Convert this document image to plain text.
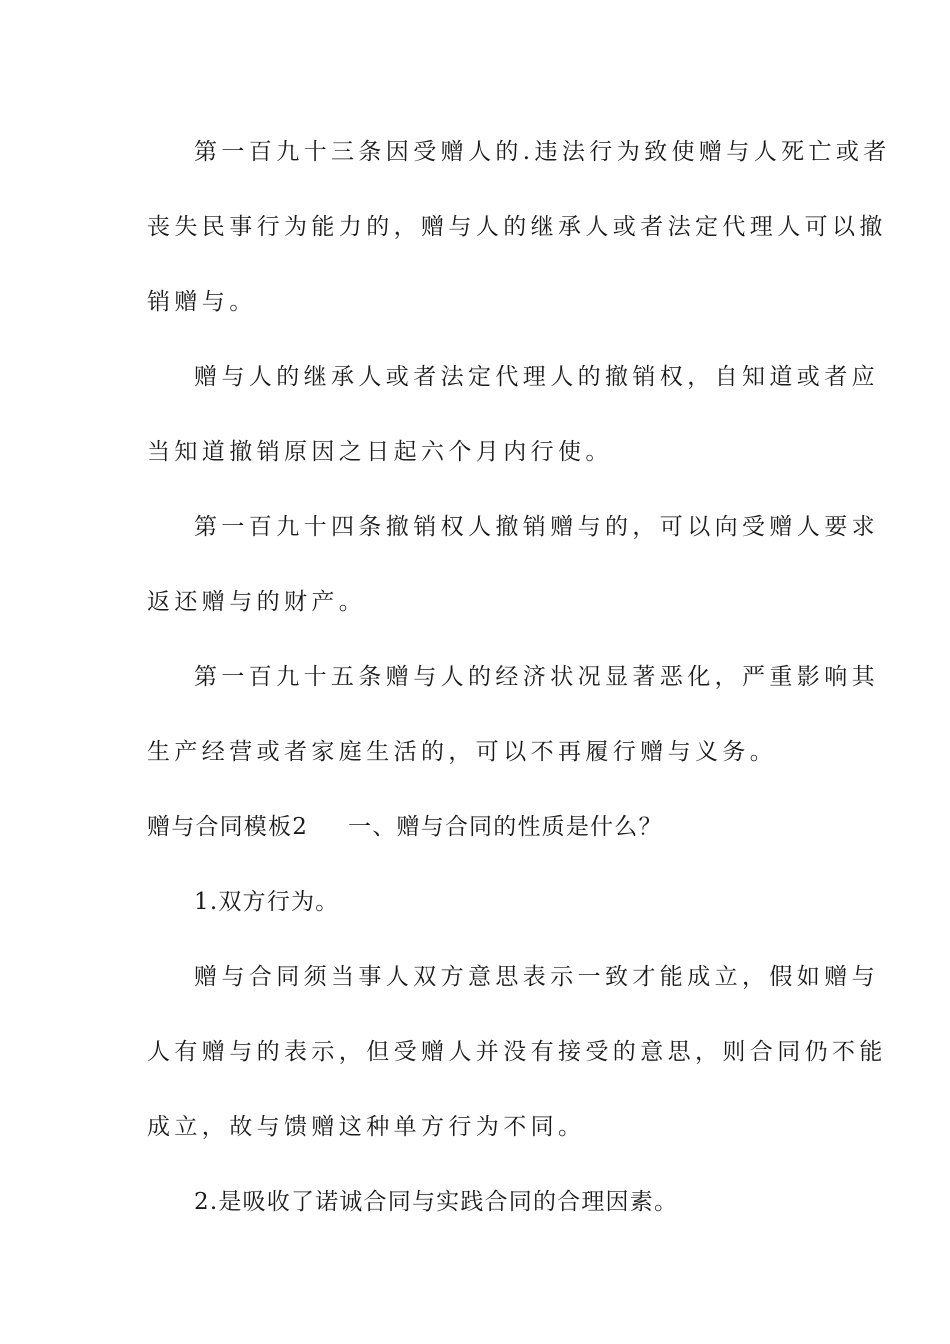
第一百九十三条因受赠人的.违法行为致使赠与人死亡或者
丧失民事行为能力的，赠与人的继承人或者法定代理人可以撤
销赠与。
赠与人的继承人或者法定代理人的撤销权，自知道或者应
当知道撤销原因之日起六个月内行使。
第一百九十四条撤销权人撤销赠与的，可以向受赠人要求
返还赠与的财产。
第一百九十五条赠与人的经济状况显著恶化，严重影响其
生产经营或者家庭生活的，可以不再履行赠与义务。
赠与合同模板2 一、赠与合同的性质是什么？
1.双方行为。
赠与合同须当事人双方意思表示一致才能成立，假如赠与
人有赠与的表示，但受赠人并没有接受的意思，则合同仍不能
成立，故与馈赠这种单方行为不同。
2.是吸收了诺诚合同与实践合同的合理因素。
